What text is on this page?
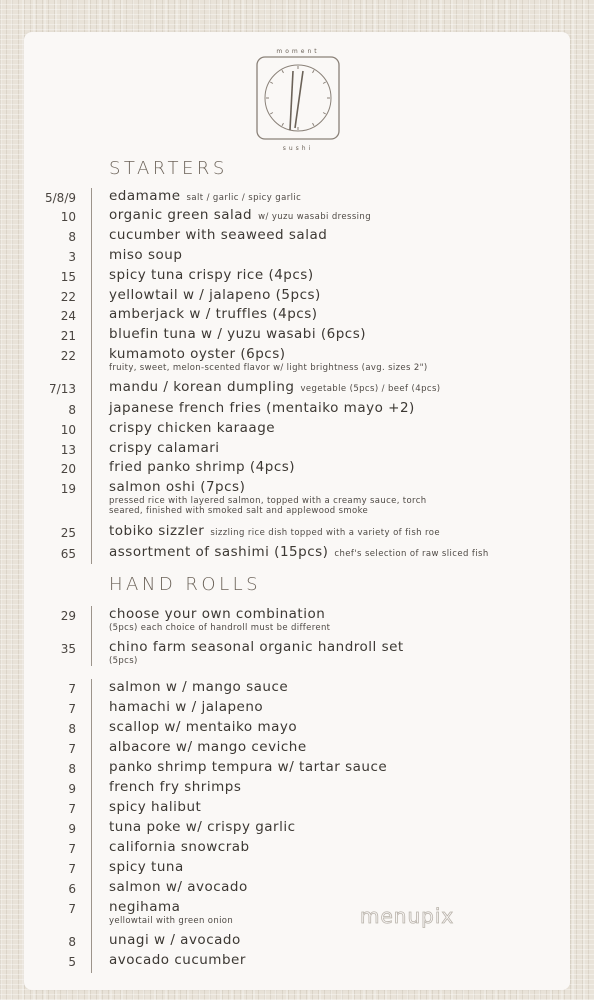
moment
sushi
STARTERS
5/8/9 edamame salt / garlic / spicy garlic
10 organic green salad w/ yuzu wasabi dressing
8 cucumber with seaweed salad
3 miso soup
15 spicy tuna crispy rice (4pcs)
22 yellowtail w / jalapeno (5pcs)
24 amberjack w / truffles (4pcs)
21 bluefin tuna w / yuzu wasabi (6pcs)
22 kumamoto oyster (6pcs)
fruity, sweet, melon-scented flavor w/ light brightness (avg. sizes 2")
7/13 mandu / korean dumpling vegetable (5pcs) / beef (4pcs)
8 japanese french fries (mentaiko mayo +2)
10 crispy chicken karaage
13 crispy calamari
20 fried panko shrimp (4pcs)
19 salmon oshi (7pcs)
pressed rice with layered salmon, topped with a creamy sauce, torch
seared, finished with smoked salt and applewood smoke
25 tobiko sizzler sizzling rice dish topped with a variety of fish roe
65 assortment of sashimi (15pcs) chef's selection of raw sliced fish
HAND ROLLS
29 choose your own combination
(5pcs) each choice of handroll must be different
35 chino farm seasonal organic handroll set
(5pcs)
7 salmon w / mango sauce
7 hamachi w / jalapeno
8 scallop w/ mentaiko mayo
7 albacore w/ mango ceviche
8 panko shrimp tempura w/ tartar sauce
9 french fry shrimps
7 spicy halibut
9 tuna poke w/ crispy garlic
7 california snowcrab
7 spicy tuna
6 salmon w/ avocado
7 negihama
yellowtail with green onion
8 unagi w / avocado
5 avocado cucumber
menupix
